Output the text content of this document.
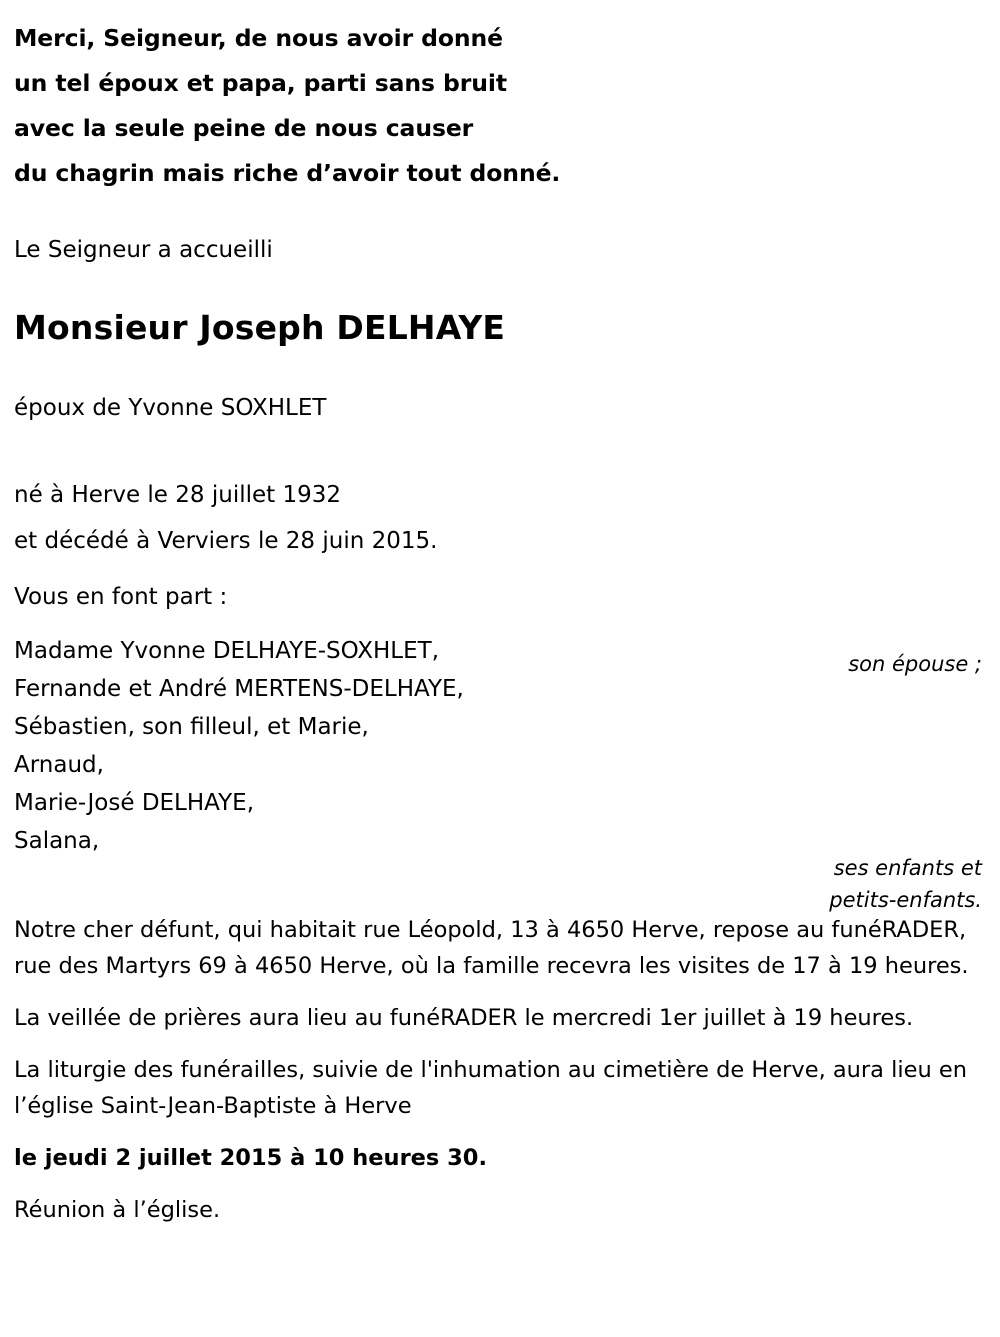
Merci, Seigneur, de nous avoir donné
un tel époux et papa, parti sans bruit
avec la seule peine de nous causer
du chagrin mais riche d’avoir tout donné.
Le Seigneur a accueilli
Monsieur Joseph DELHAYE
époux de Yvonne SOXHLET
né à Herve le 28 juillet 1932
et décédé à Verviers le 28 juin 2015.
Vous en font part :
Madame Yvonne DELHAYE-SOXHLET,	son épouse ;
Fernande et André MERTENS-DELHAYE,
Sébastien, son filleul, et Marie,
Arnaud,
Marie-José DELHAYE,
Salana,
ses enfants et
petits-enfants.
Notre cher défunt, qui habitait rue Léopold, 13 à 4650 Herve, repose au funéRADER, rue des Martyrs 69 à 4650 Herve, où la famille recevra les visites de 17 à 19 heures.
La veillée de prières aura lieu au funéRADER le mercredi 1er juillet à 19 heures.
La liturgie des funérailles, suivie de l'inhumation au cimetière de Herve, aura lieu en l’église Saint-Jean-Baptiste à Herve
le jeudi 2 juillet 2015 à 10 heures 30.
Réunion à l’église.
